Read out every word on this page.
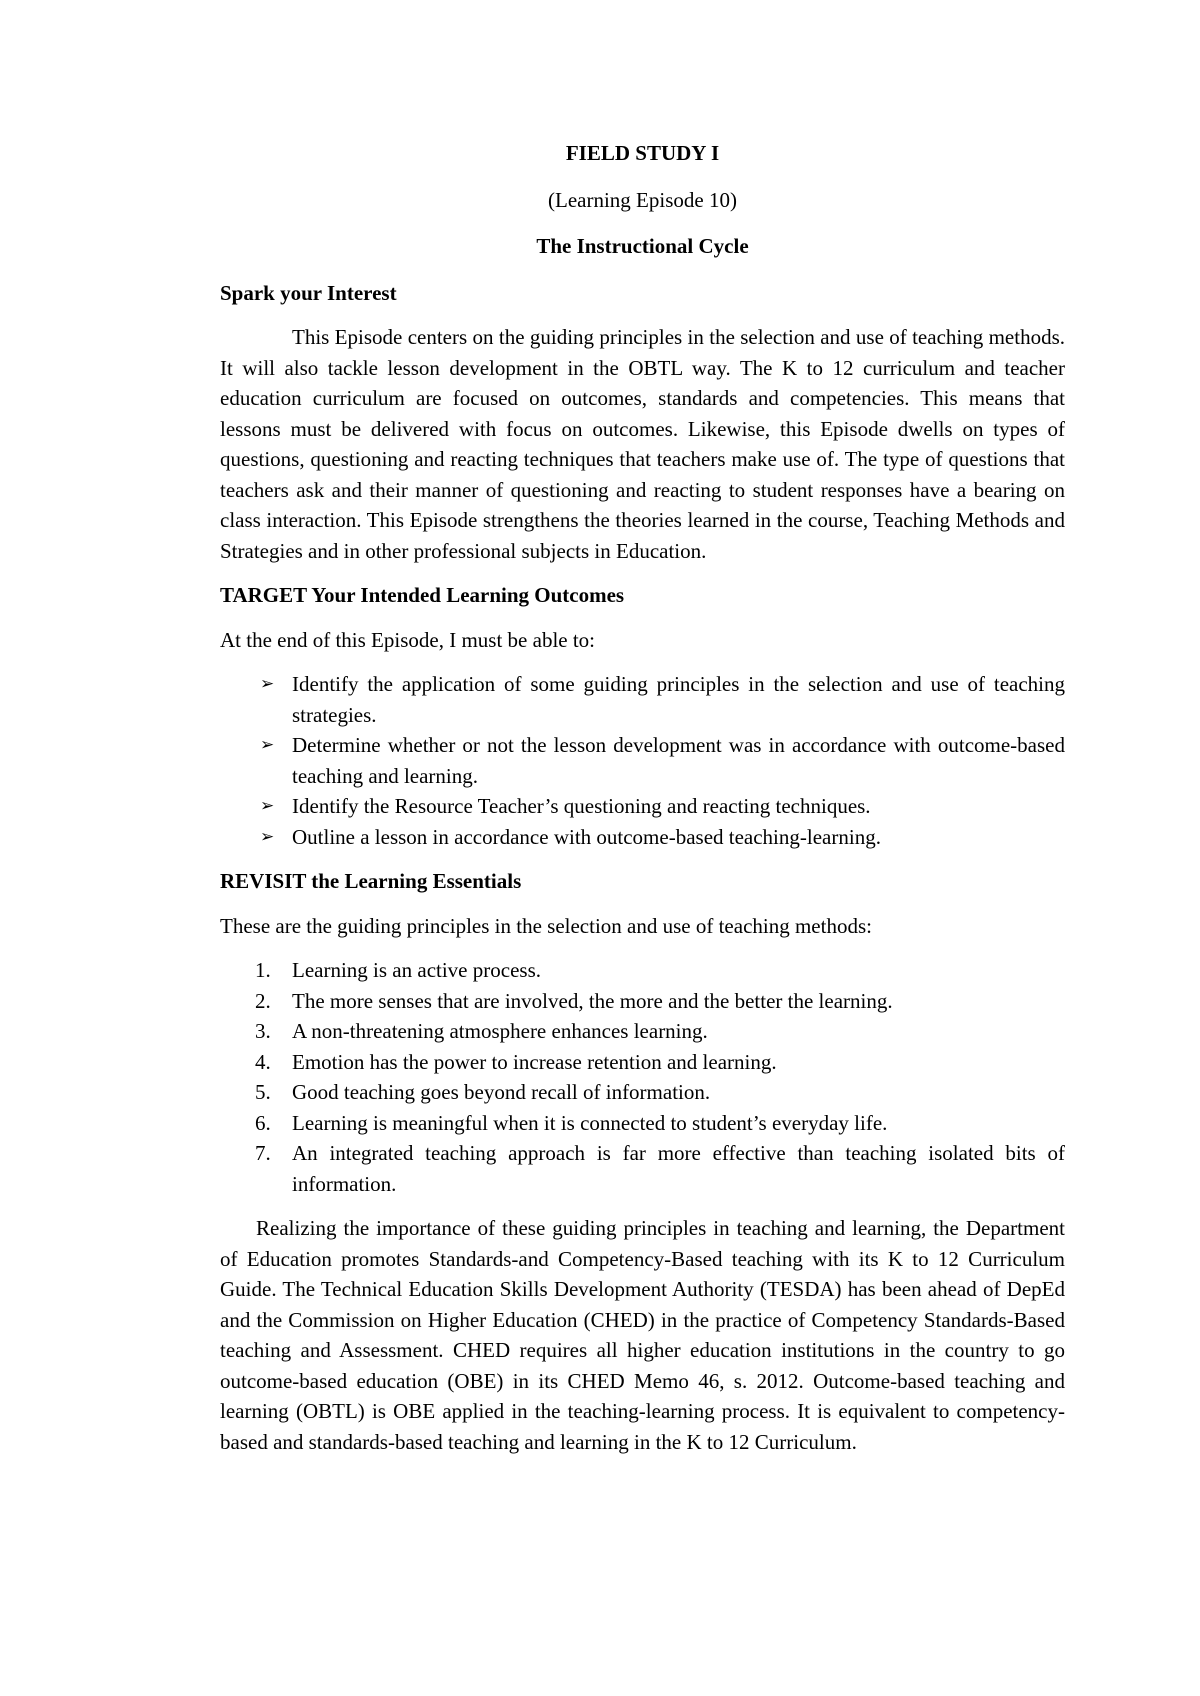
FIELD STUDY I

(Learning Episode 10)

The Instructional Cycle

Spark your Interest

This Episode centers on the guiding principles in the selection and use of teaching methods. It will also tackle lesson development in the OBTL way. The K to 12 curriculum and teacher education curriculum are focused on outcomes, standards and competencies. This means that lessons must be delivered with focus on outcomes. Likewise, this Episode dwells on types of questions, questioning and reacting techniques that teachers make use of. The type of questions that teachers ask and their manner of questioning and reacting to student responses have a bearing on class interaction. This Episode strengthens the theories learned in the course, Teaching Methods and Strategies and in other professional subjects in Education.

TARGET Your Intended Learning Outcomes

At the end of this Episode, I must be able to:

➢ Identify the application of some guiding principles in the selection and use of teaching strategies.
➢ Determine whether or not the lesson development was in accordance with outcome-based teaching and learning.
➢ Identify the Resource Teacher’s questioning and reacting techniques.
➢ Outline a lesson in accordance with outcome-based teaching-learning.
REVISIT the Learning Essentials

These are the guiding principles in the selection and use of teaching methods:

1. Learning is an active process.
2. The more senses that are involved, the more and the better the learning.
3. A non-threatening atmosphere enhances learning.
4. Emotion has the power to increase retention and learning.
5. Good teaching goes beyond recall of information.
6. Learning is meaningful when it is connected to student’s everyday life.
7. An integrated teaching approach is far more effective than teaching isolated bits of information.

Realizing the importance of these guiding principles in teaching and learning, the Department of Education promotes Standards-and Competency-Based teaching with its K to 12 Curriculum Guide. The Technical Education Skills Development Authority (TESDA) has been ahead of DepEd and the Commission on Higher Education (CHED) in the practice of Competency Standards-Based teaching and Assessment. CHED requires all higher education institutions in the country to go outcome-based education (OBE) in its CHED Memo 46, s. 2012. Outcome-based teaching and learning (OBTL) is OBE applied in the teaching-learning process. It is equivalent to competency-based and standards-based teaching and learning in the K to 12 Curriculum.
